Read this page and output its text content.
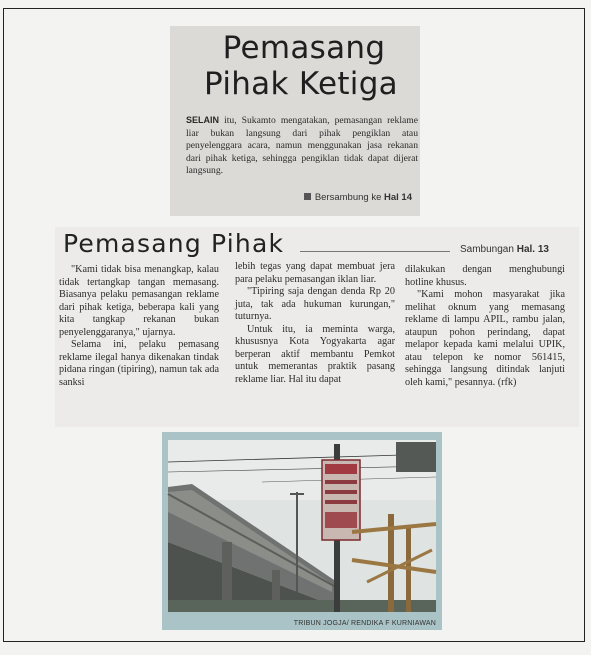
Pemasang
Pihak Ketiga
SELAIN itu, Sukamto mengatakan, pemasangan reklame liar bukan langsung dari pihak pengiklan atau penyelenggara acara, namun menggunakan jasa rekanan dari pihak ketiga, sehingga pengiklan tidak dapat dijerat langsung.
Bersambung ke Hal 14
Pemasang Pihak	Sambungan Hal. 13

"Kami tidak bisa menangkap, kalau tidak tertangkap tangan memasang. Biasanya pelaku pemasangan reklame dari pihak ketiga, beberapa kali yang kita tangkap rekanan bukan penyelenggaranya," ujarnya.

Selama ini, pelaku pemasang reklame ilegal hanya dikenakan tindak pidana ringan (tipiring), namun tak ada sanksi

lebih tegas yang dapat membuat jera para pelaku pemasangan iklan liar.

"Tipiring saja dengan denda Rp 20 juta, tak ada hukuman kurungan," tuturnya.

Untuk itu, ia meminta warga, khususnya Kota Yogyakarta agar berperan aktif membantu Pemkot untuk memerantas praktik pasang reklame liar. Hal itu dapat

dilakukan dengan menghubungi hotline khusus.

"Kami mohon masyarakat jika melihat oknum yang memasang reklame di lampu APIL, rambu jalan, ataupun pohon perindang, dapat melapor kepada kami melalui UPIK, atau telepon ke nomor 561415, sehingga langsung ditindak lanjuti oleh kami," pesannya. (rfk)

TRIBUN JOGJA/ RENDIKA F KURNIAWAN
